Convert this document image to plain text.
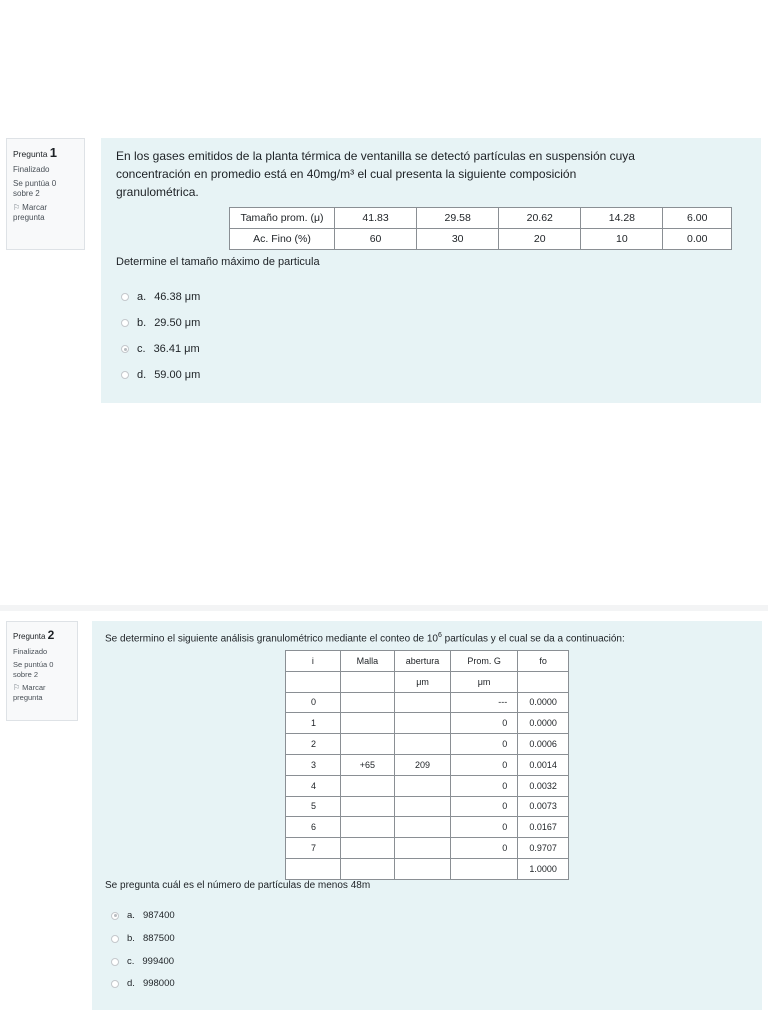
Pregunta 1
Finalizado
Se puntúa 0
sobre 2
⚐ Marcar
pregunta
En los gases emitidos de la planta térmica de ventanilla se detectó partículas en suspensión cuya
concentración en promedio está en 40mg/m³ el cual presenta la siguiente composición
granulométrica.
Tamaño prom. (μ)	41.83	29.58	20.62	14.28	6.00
Ac. Fino (%)	60	30	20	10	0.00
Determine el tamaño máximo de particula
a. 46.38 μm
b. 29.50 μm
c. 36.41 μm
d. 59.00 μm
Pregunta 2
Finalizado
Se puntúa 0
sobre 2
⚐ Marcar
pregunta
Se determino el siguiente análisis granulométrico mediante el conteo de $10^6$ partículas y el cual se da a continuación:
i	Malla	abertura	Prom. G	fo
		μm	μm	
0			---	0.0000
1			0	0.0000
2			0	0.0006
3	+65	209	0	0.0014
4			0	0.0032
5			0	0.0073
6			0	0.0167
7			0	0.9707
				1.0000
Se pregunta cuál es el número de partículas de menos 48m
a. 987400
b. 887500
c. 999400
d. 998000
